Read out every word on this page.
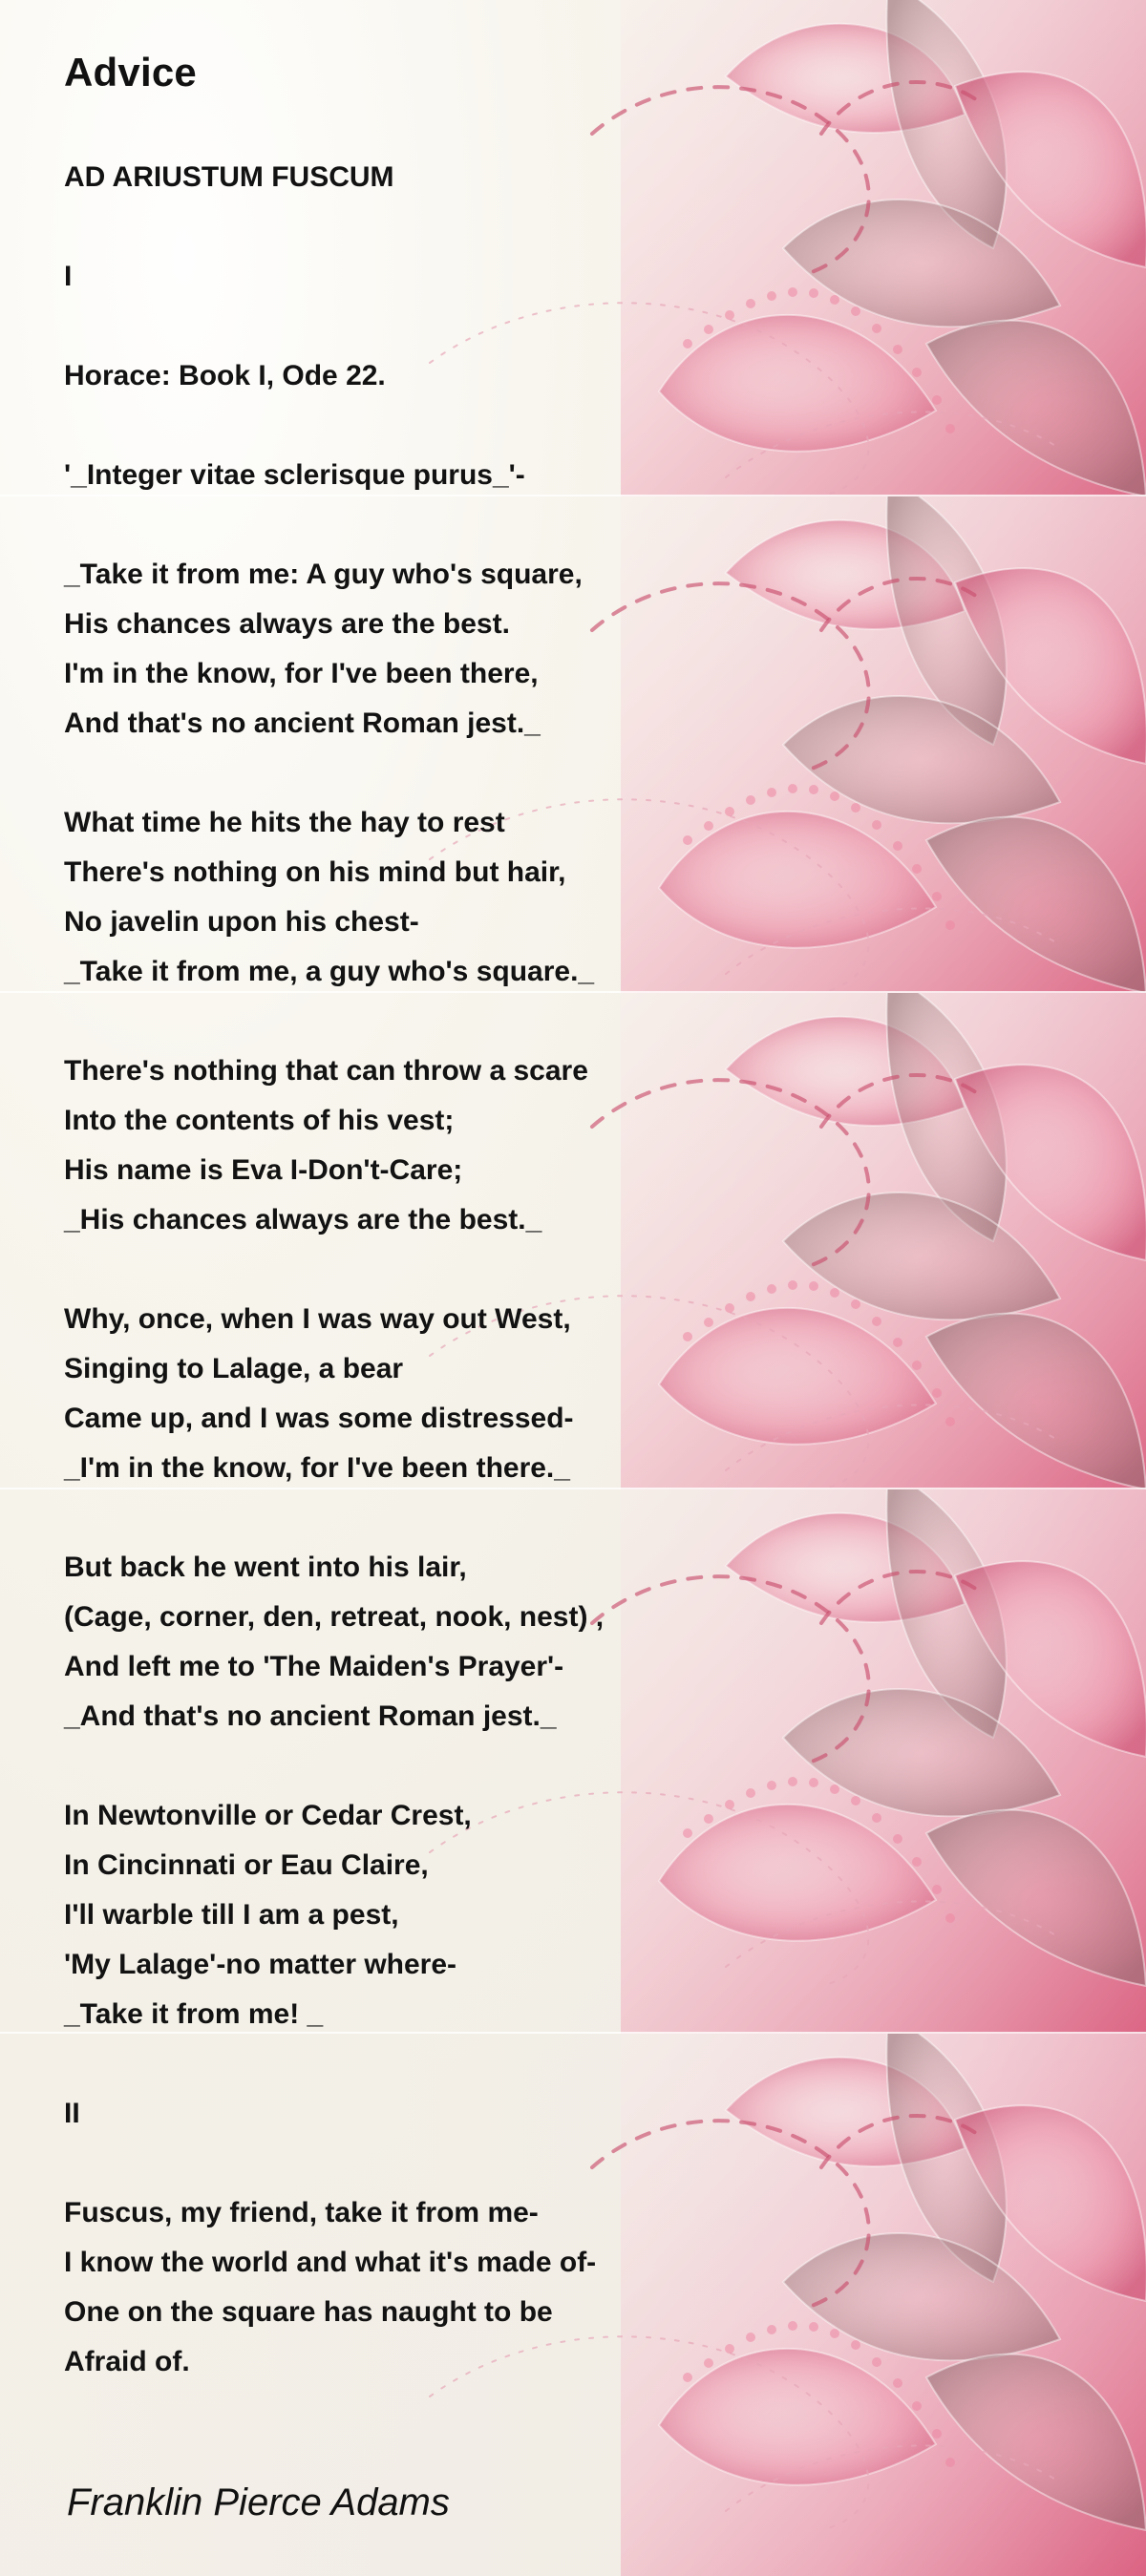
Advice
AD ARIUSTUM FUSCUM
I
Horace: Book I, Ode 22.
'_Integer vitae sclerisque purus_'-
_Take it from me: A guy who's square,
His chances always are the best.
I'm in the know, for I've been there,
And that's no ancient Roman jest._
What time he hits the hay to rest
There's nothing on his mind but hair,
No javelin upon his chest-
_Take it from me, a guy who's square._
There's nothing that can throw a scare
Into the contents of his vest;
His name is Eva I-Don't-Care;
_His chances always are the best._
Why, once, when I was way out West,
Singing to Lalage, a bear
Came up, and I was some distressed-
_I'm in the know, for I've been there._
But back he went into his lair,
(Cage, corner, den, retreat, nook, nest) ,
And left me to 'The Maiden's Prayer'-
_And that's no ancient Roman jest._
In Newtonville or Cedar Crest,
In Cincinnati or Eau Claire,
I'll warble till I am a pest,
'My Lalage'-no matter where-
_Take it from me! _
II
Fuscus, my friend, take it from me-
I know the world and what it's made of-
One on the square has naught to be
Afraid of.

Franklin Pierce Adams
